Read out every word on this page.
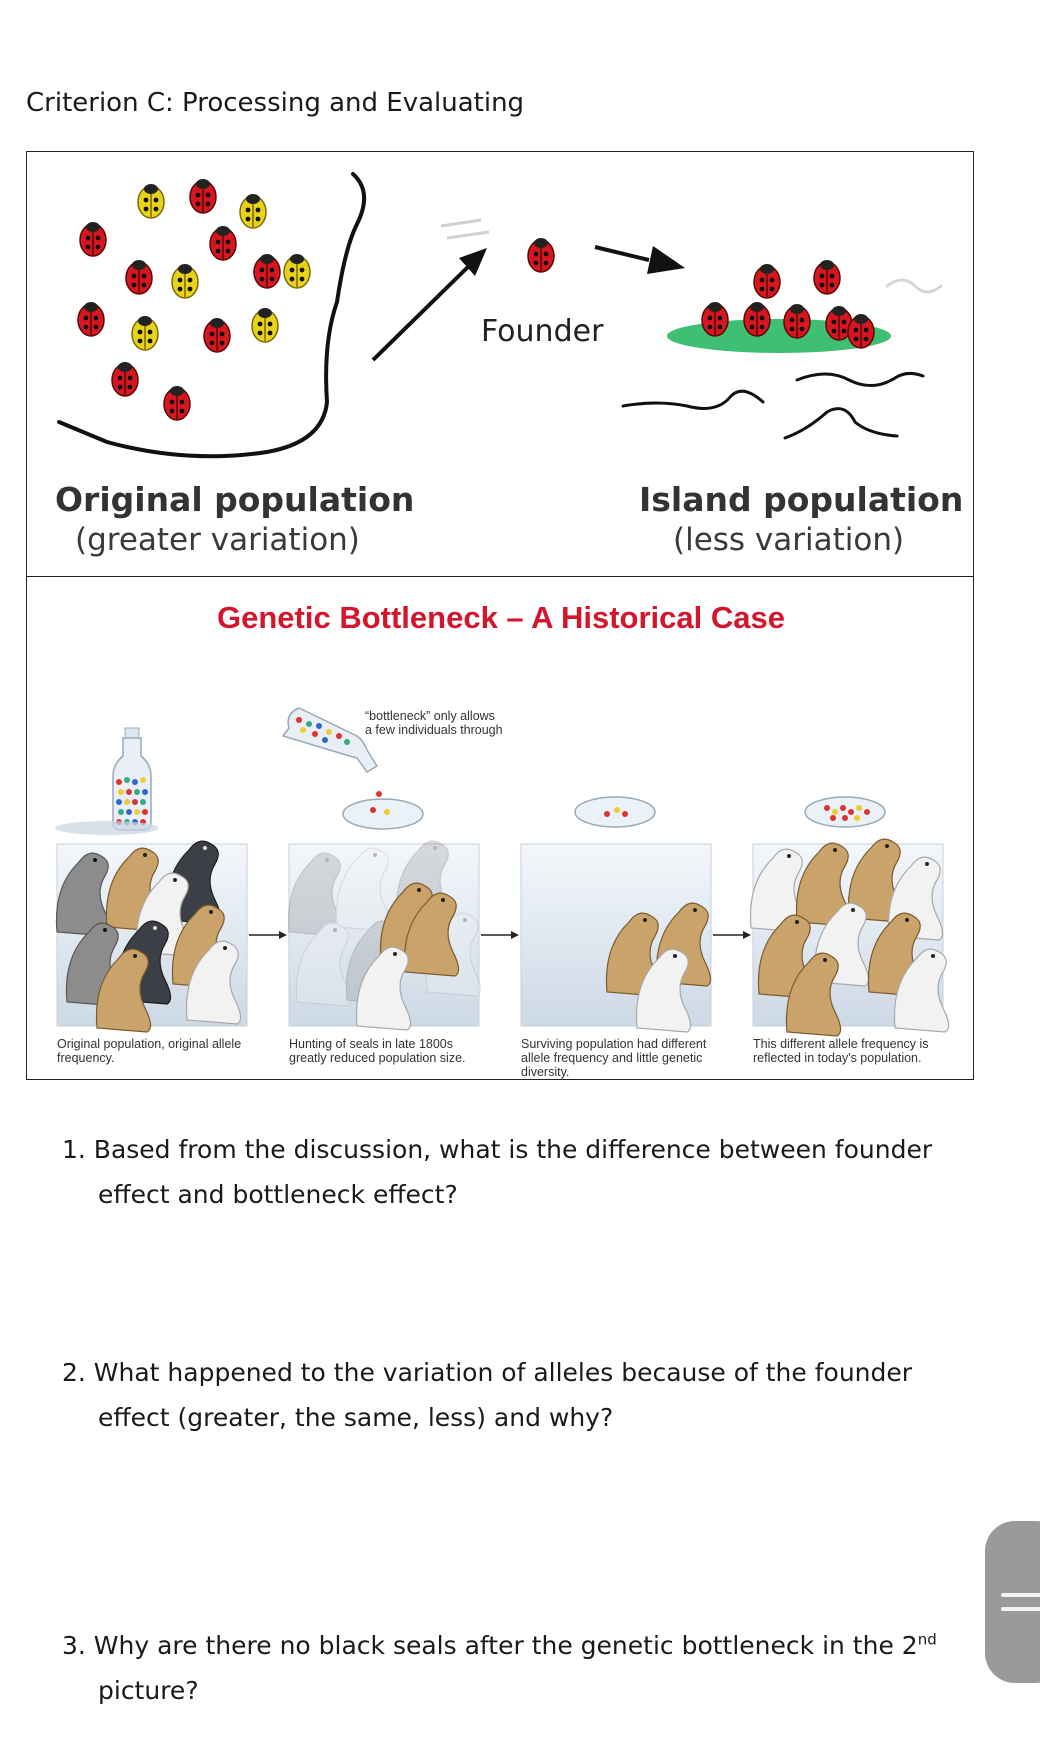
Criterion C: Processing and Evaluating
Founder
Original population
(greater variation)
Island population
(less variation)
Genetic Bottleneck – A Historical Case
“bottleneck” only allows a few individuals through
Original population, original allele frequency.
Hunting of seals in late 1800s greatly reduced population size.
Surviving population had different allele frequency and little genetic diversity.
This different allele frequency is reflected in today's population.
1. Based from the discussion, what is the difference between founder
effect and bottleneck effect?
2. What happened to the variation of alleles because of the founder
effect (greater, the same, less) and why?
3. Why are there no black seals after the genetic bottleneck in the 2nd
picture?
